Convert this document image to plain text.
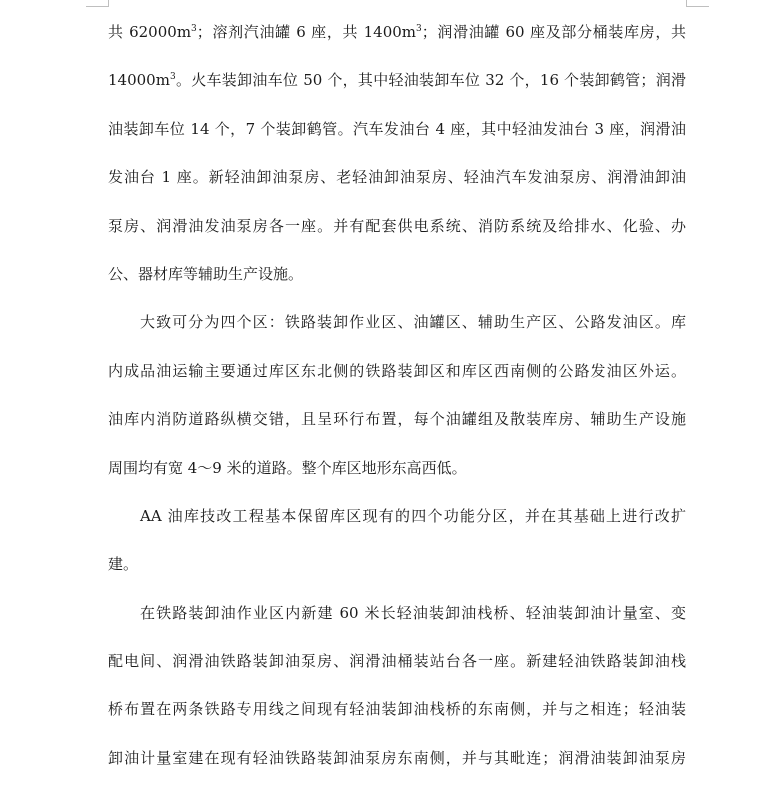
共 $62000m^3$；溶剂汽油罐 6 座，共 $1400m^3$；润滑油罐 60 座及部分桶装库房，共
$14000m^3$。火车装卸油车位 50 个，其中轻油装卸车位 32 个，16 个装卸鹤管；润滑
油装卸车位 14 个，7 个装卸鹤管。汽车发油台 4 座，其中轻油发油台 3 座，润滑油
发油台 1 座。新轻油卸油泵房、老轻油卸油泵房、轻油汽车发油泵房、润滑油卸油
泵房、润滑油发油泵房各一座。并有配套供电系统、消防系统及给排水、化验、办
公、器材库等辅助生产设施。
大致可分为四个区：铁路装卸作业区、油罐区、辅助生产区、公路发油区。库
内成品油运输主要通过库区东北侧的铁路装卸区和库区西南侧的公路发油区外运。
油库内消防道路纵横交错，且呈环行布置，每个油罐组及散装库房、辅助生产设施
周围均有宽 4～9 米的道路。整个库区地形东高西低。
AA 油库技改工程基本保留库区现有的四个功能分区，并在其基础上进行改扩
建。
在铁路装卸油作业区内新建 60 米长轻油装卸油栈桥、轻油装卸油计量室、变
配电间、润滑油铁路装卸油泵房、润滑油桶装站台各一座。新建轻油铁路装卸油栈
桥布置在两条铁路专用线之间现有轻油装卸油栈桥的东南侧，并与之相连；轻油装
卸油计量室建在现有轻油铁路装卸油泵房东南侧，并与其毗连；润滑油装卸油泵房
